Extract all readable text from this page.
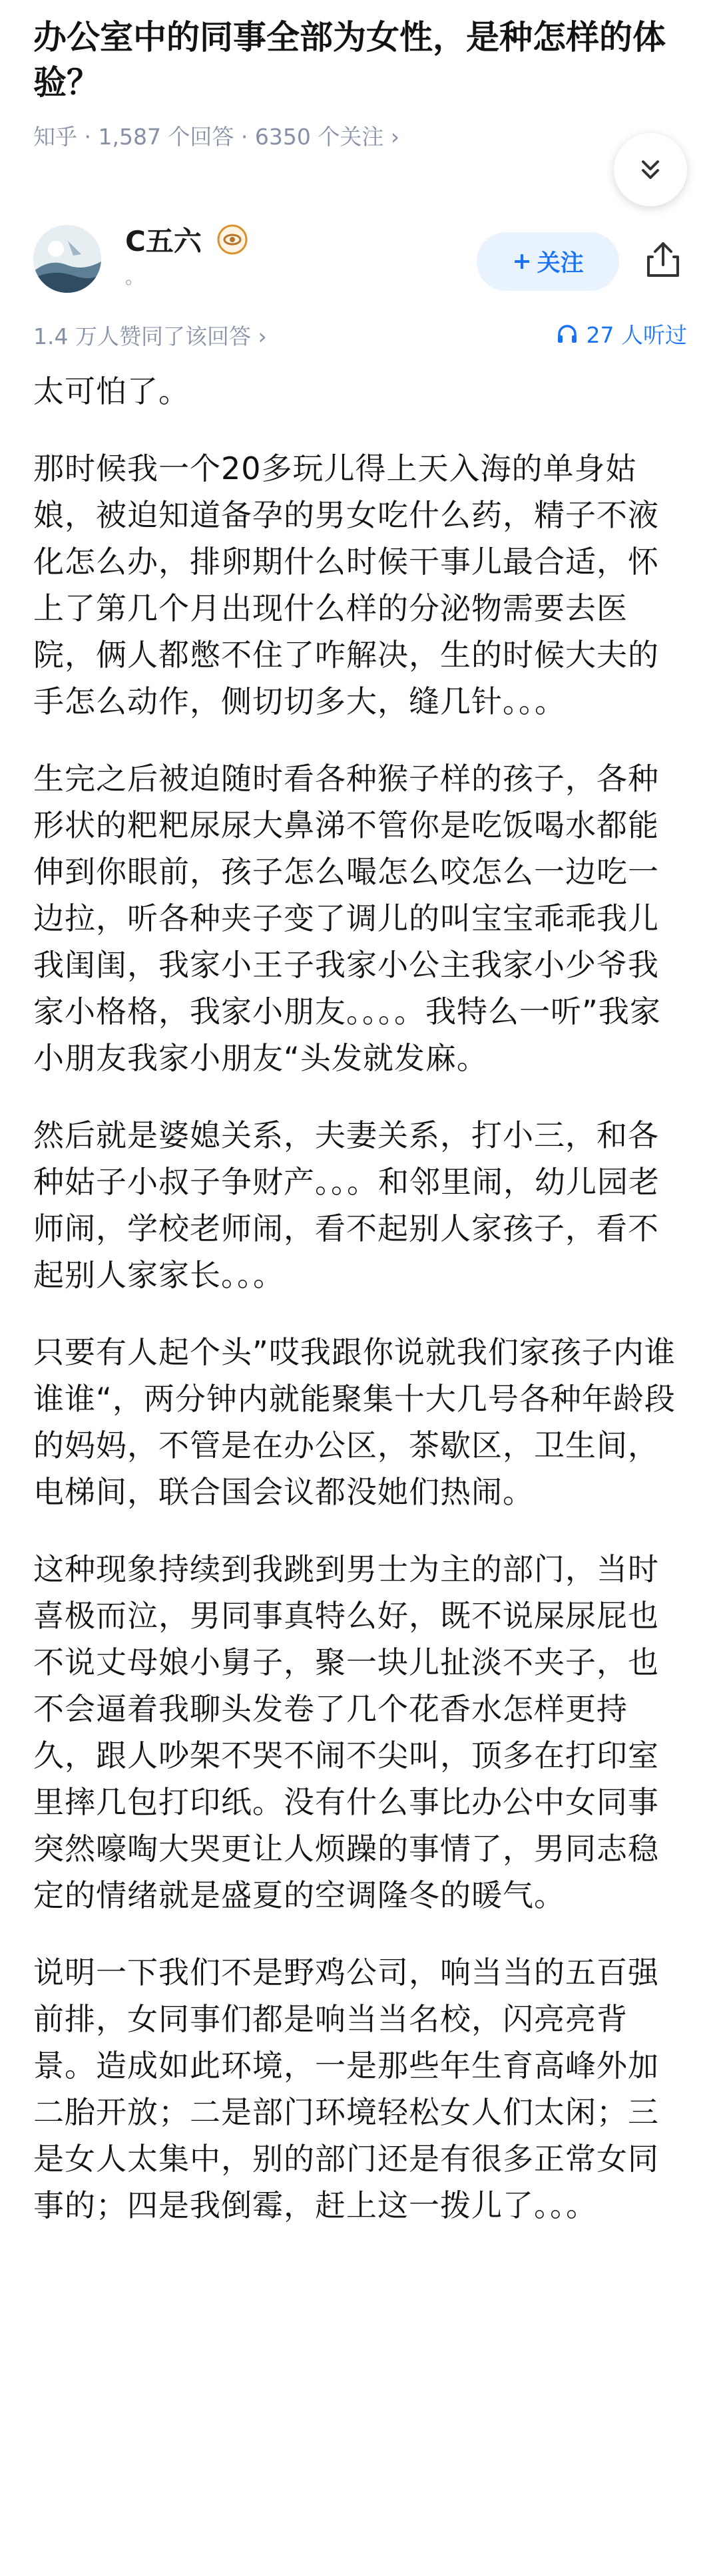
办公室中的同事全部为女性，是种怎样的体验？
知乎 · 1,587 个回答 · 6350 个关注 ›
C五六
。
+ 关注
1.4 万人赞同了该回答 ›	27 人听过

太可怕了。

那时候我一个20多玩儿得上天入海的单身姑娘，被迫知道备孕的男女吃什么药，精子不液化怎么办，排卵期什么时候干事儿最合适，怀上了第几个月出现什么样的分泌物需要去医院，俩人都憋不住了咋解决，生的时候大夫的手怎么动作，侧切切多大，缝几针。。。

生完之后被迫随时看各种猴子样的孩子，各种形状的粑粑尿尿大鼻涕不管你是吃饭喝水都能伸到你眼前，孩子怎么嘬怎么咬怎么一边吃一边拉，听各种夹子变了调儿的叫宝宝乖乖我儿我闺闺，我家小王子我家小公主我家小少爷我家小格格，我家小朋友。。。。我特么一听”我家小朋友我家小朋友“头发就发麻。

然后就是婆媳关系，夫妻关系，打小三，和各种姑子小叔子争财产。。。和邻里闹，幼儿园老师闹，学校老师闹，看不起别人家孩子，看不起别人家家长。。。

只要有人起个头”哎我跟你说就我们家孩子内谁谁谁“，两分钟内就能聚集十大几号各种年龄段的妈妈，不管是在办公区，茶歇区，卫生间，电梯间，联合国会议都没她们热闹。

这种现象持续到我跳到男士为主的部门，当时喜极而泣，男同事真特么好，既不说屎尿屁也不说丈母娘小舅子，聚一块儿扯淡不夹子，也不会逼着我聊头发卷了几个花香水怎样更持久，跟人吵架不哭不闹不尖叫，顶多在打印室里摔几包打印纸。没有什么事比办公中女同事突然嚎啕大哭更让人烦躁的事情了，男同志稳定的情绪就是盛夏的空调隆冬的暖气。

说明一下我们不是野鸡公司，响当当的五百强前排，女同事们都是响当当名校，闪亮亮背景。造成如此环境，一是那些年生育高峰外加二胎开放；二是部门环境轻松女人们太闲；三是女人太集中，别的部门还是有很多正常女同事的；四是我倒霉，赶上这一拨儿了。。。
